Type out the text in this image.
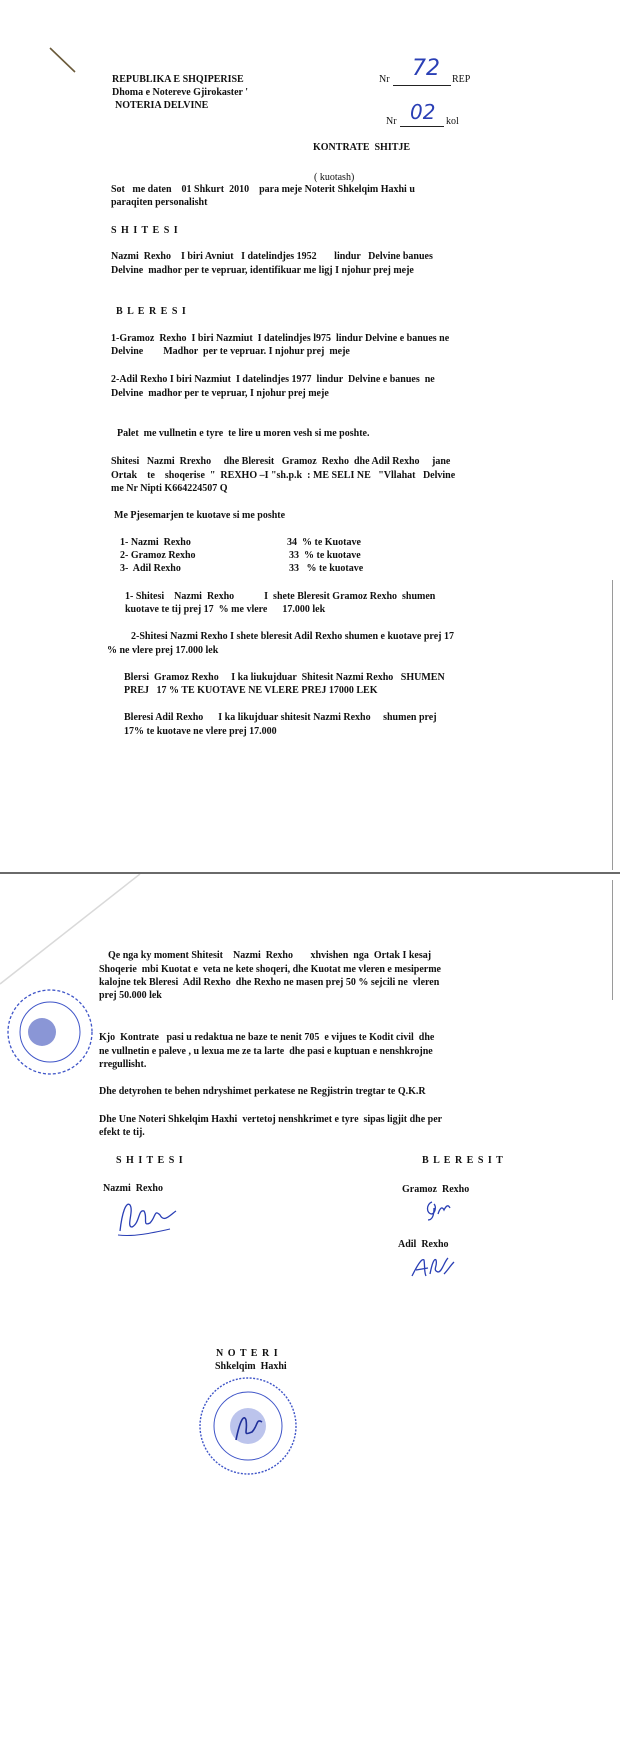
REPUBLIKA E SHQIPERISE
Dhoma e Notereve Gjirokaster '
NOTERIA DELVINE
Nr 72 REP
Nr 02 kol
KONTRATE  SHITJE
( kuotash)
Sot   me daten    01 Shkurt  2010    para meje Noterit Shkelqim Haxhi u
paraqiten personalisht
S H I T E S I
Nazmi  Rexho    I biri Avniut   I datelindjes 1952       lindur   Delvine banues
Delvine  madhor per te vepruar, identifikuar me ligj I njohur prej meje
B L E R E S I
1-Gramoz  Rexho  I biri Nazmiut  I datelindjes l975  lindur Delvine e banues ne
Delvine        Madhor  per te vepruar. I njohur prej  meje
2-Adil Rexho I biri Nazmiut  I datelindjes 1977  lindur  Delvine e banues  ne
Delvine  madhor per te vepruar, I njohur prej meje
Palet  me vullnetin e tyre  te lire u moren vesh si me poshte.
Shitesi   Nazmi  Rrexho     dhe Bleresit   Gramoz  Rexho  dhe Adil Rexho     jane
Ortak    te    shoqerise  "  REXHO –I "sh.p.k  : ME SELI NE   "Vllahat   Delvine
me Nr Nipti K664224507 Q
Me Pjesemarjen te kuotave si me poshte
1- Nazmi  Rexho	34  % te Kuotave
2- Gramoz Rexho	33  % te kuotave
3-  Adil Rexho	33   % te kuotave
1- Shitesi    Nazmi  Rexho            I  shete Bleresit Gramoz Rexho  shumen
kuotave te tij prej 17  % me vlere      17.000 lek
2-Shitesi Nazmi Rexho I shete bleresit Adil Rexho shumen e kuotave prej 17
% ne vlere prej 17.000 lek
Blersi  Gramoz Rexho     I ka liukujduar  Shitesit Nazmi Rexho   SHUMEN
PREJ   17 % TE KUOTAVE NE VLERE PREJ 17000 LEK
Bleresi Adil Rexho      I ka likujduar shitesit Nazmi Rexho     shumen prej
17% te kuotave ne vlere prej 17.000
Qe nga ky moment Shitesit    Nazmi  Rexho       xhvishen  nga  Ortak I kesaj
Shoqerie  mbi Kuotat e  veta ne kete shoqeri, dhe Kuotat me vleren e mesiperme
kalojne tek Bleresi  Adil Rexho  dhe Rexho ne masen prej 50 % sejcili ne  vleren
prej 50.000 lek
Kjo  Kontrate   pasi u redaktua ne baze te nenit 705  e vijues te Kodit civil  dhe
ne vullnetin e paleve , u lexua me ze ta larte  dhe pasi e kuptuan e nenshkrojne
rregullisht.
Dhe detyrohen te behen ndryshimet perkatese ne Regjistrin tregtar te Q.K.R
Dhe Une Noteri Shkelqim Haxhi  vertetoj nenshkrimet e tyre  sipas ligjit dhe per
efekt te tij.
S H I T E S I	B L E R E S I T
Nazmi  Rexho	Gramoz  Rexho
Adil  Rexho
N O T E R I
Shkelqim  Haxhi
